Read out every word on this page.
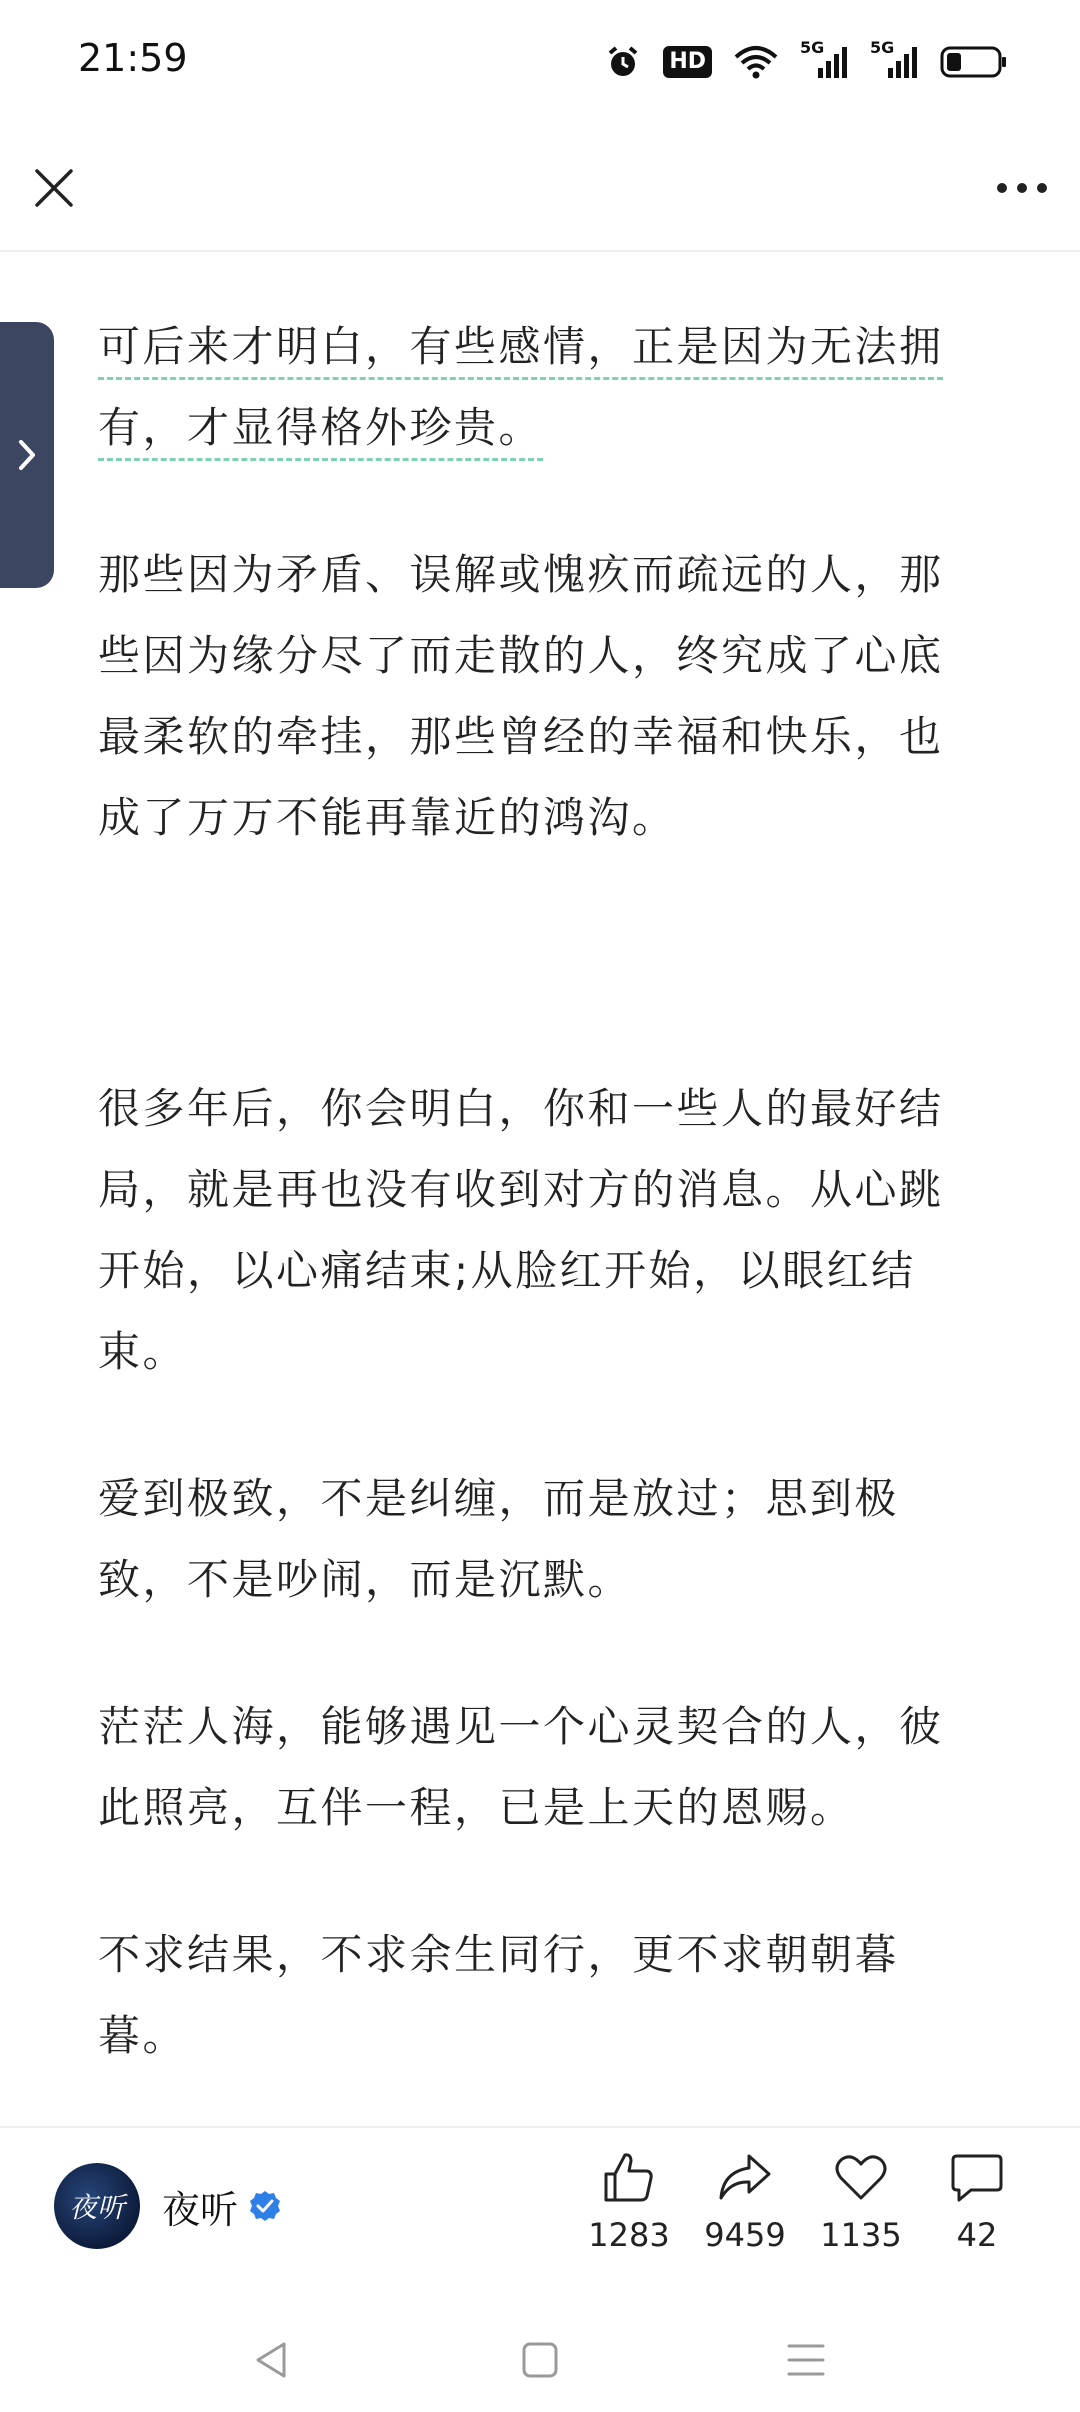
21:59	HD
5G	5G

可后来才明白，有些感情，正是因为无法拥有，才显得格外珍贵。

那些因为矛盾、误解或愧疚而疏远的人，那些因为缘分尽了而走散的人，终究成了心底最柔软的牵挂，那些曾经的幸福和快乐，也成了万万不能再靠近的鸿沟。

很多年后，你会明白，你和一些人的最好结局，就是再也没有收到对方的消息。从心跳开始，以心痛结束;从脸红开始，以眼红结束。

爱到极致，不是纠缠，而是放过；思到极致，不是吵闹，而是沉默。

茫茫人海，能够遇见一个心灵契合的人，彼此照亮，互伴一程，已是上天的恩赐。

不求结果，不求余生同行，更不求朝朝暮暮。

夜听 夜听
1283 9459 1135 42
